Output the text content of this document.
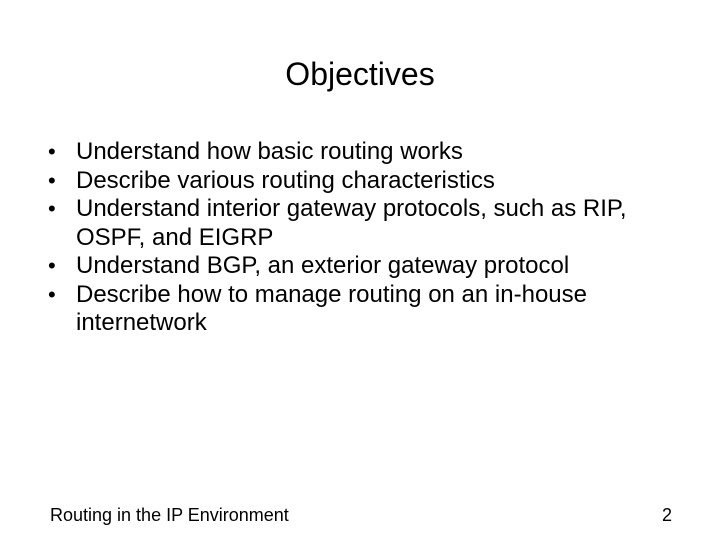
Objectives
• Understand how basic routing works
• Describe various routing characteristics
• Understand interior gateway protocols, such as RIP, OSPF, and EIGRP
• Understand BGP, an exterior gateway protocol
• Describe how to manage routing on an in-house internetwork
Routing in the IP Environment	2
